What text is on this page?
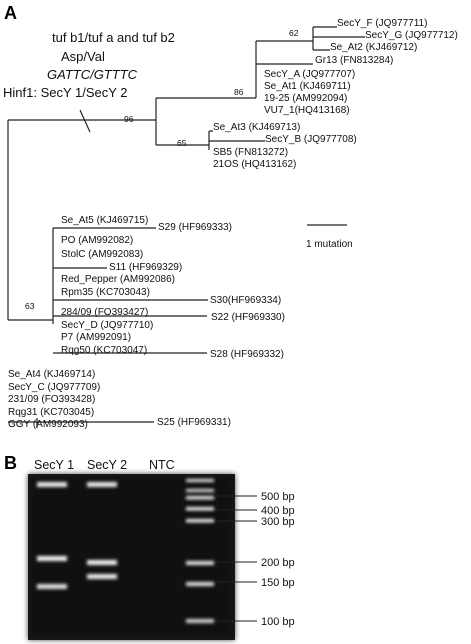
A
tuf b1/tuf a and tuf b2
Asp/Val
GATTC/GTTTC
Hinf1: SecY 1/SecY 2
1 mutation
62
86
96
65
63
SecY_F (JQ977711)
SecY_G (JQ977712)
Se_At2 (KJ469712)
Gr13 (FN813284)
SecY_A (JQ977707)
Se_At1 (KJ469711)
19-25 (AM992094)
VU7_1(HQ413168)
Se_At3 (KJ469713)
SecY_B (JQ977708)
SB5 (FN813272)
21OS (HQ413162)
Se_At5 (KJ469715)
S29 (HF969333)
PO (AM992082)
StolC (AM992083)
S11 (HF969329)
Red_Pepper (AM992086)
Rpm35 (KC703043)
S30(HF969334)
284/09 (FO393427)
SecY_D (JQ977710)
S22 (HF969330)
P7 (AM992091)
Rqg50 (KC703047)	S28 (HF969332)
Se_At4 (KJ469714)
SecY_C (JQ977709)
231/09 (FO393428)
Rqg31 (KC703045)
S25 (HF969331)
GGY (AM992093)
B SecY 1 SecY 2 NTC
500 bp
400 bp
300 bp
200 bp
150 bp
100 bp
